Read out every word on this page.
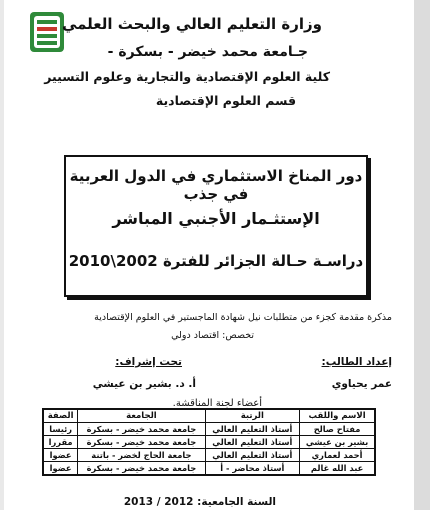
وزارة التعليم العالي والبحث العلمي
جـامعة محمد خيضر - بسكرة -
كلية العلوم الإقتصادية والتجارية وعلوم التسيير
قسم العلوم الإقتصادية
دور المناخ الاستثماري في الدول العربية في جذب
الإستثـمار الأجنبي المباشر
دراسـة حـالة الجزائر للفترة 2002\2010
مذكرة مقدمة كجزء من متطلبات نيل شهادة الماجستير في العلوم الإقتصادية
تخصص: اقتصاد دولي
إعداد الطالب:
تحت إشراف:
عمر يحياوي
أ. د. بشير بن عيشي
أعضاء لجنة المناقشة.
الاسم واللقب	الرتبة	الجامعة	الصفة
مفتاح صالح	أستاذ التعليم العالي	جامعة محمد خيضر - بسكرة	رئيسا
بشير بن عيشي	أستاذ التعليم العالي	جامعة محمد خيضر - بسكرة	مقررا
أحمد لعماري	أستاذ التعليم العالي	جامعة الحاج لخضر - باتنة	عضوا
عبد الله غالم	أستاذ محاضر - أ	جامعة محمد خيضر - بسكرة	عضوا
السنة الجامعية: 2012 / 2013
